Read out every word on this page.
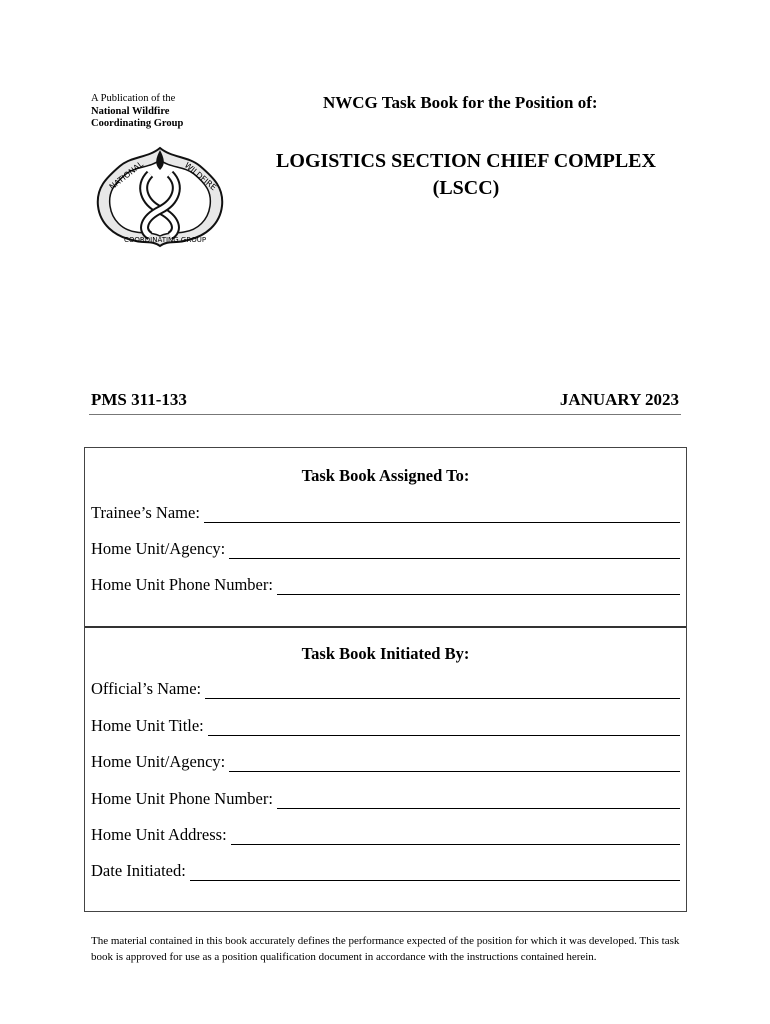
A Publication of the
National Wildfire
Coordinating Group
NATIONAL	WILDFIRE
COORDINATING GROUP
NWCG Task Book for the Position of:
LOGISTICS SECTION CHIEF COMPLEX
(LSCC)
PMS 311-133	JANUARY 2023
Task Book Assigned To:
Trainee’s Name:
Home Unit/Agency:
Home Unit Phone Number:
Task Book Initiated By:
Official’s Name:
Home Unit Title:
Home Unit/Agency:
Home Unit Phone Number:
Home Unit Address:
Date Initiated:
The material contained in this book accurately defines the performance expected of the position for which it was developed. This task book is approved for use as a position qualification document in accordance with the instructions contained herein.
